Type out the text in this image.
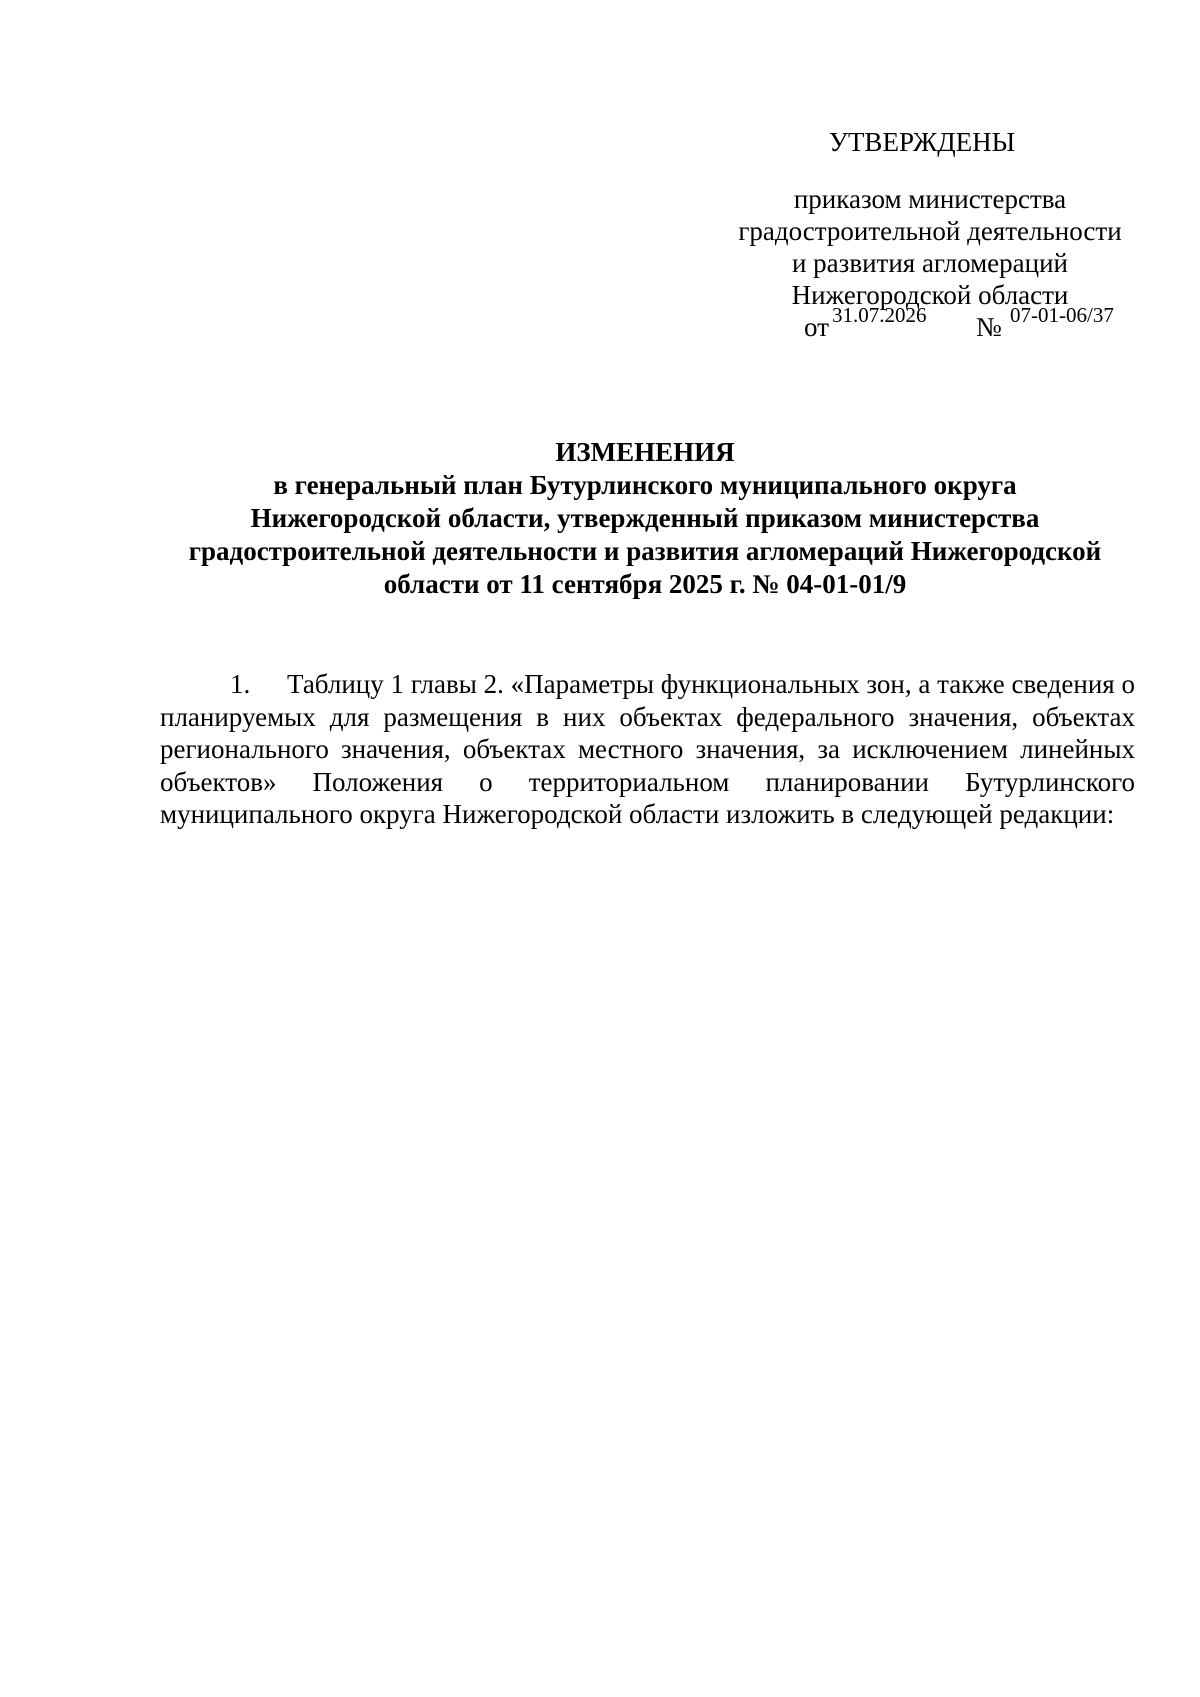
УТВЕРЖДЕНЫ
приказом министерства
градостроительной деятельности
и развития агломераций
Нижегородской области
от 31.07.2026 № 07-01-06/37
ИЗМЕНЕНИЯ
в генеральный план Бутурлинского муниципального округа
Нижегородской области, утвержденный приказом министерства
градостроительной деятельности и развития агломераций Нижегородской
области от 11 сентября 2025 г. № 04-01-01/9
1. Таблицу 1 главы 2. «Параметры функциональных зон, а также сведения о планируемых для размещения в них объектах федерального значения, объектах регионального значения, объектах местного значения, за исключением линейных объектов» Положения о территориальном планировании Бутурлинского муниципального округа Нижегородской области изложить в следующей редакции:
